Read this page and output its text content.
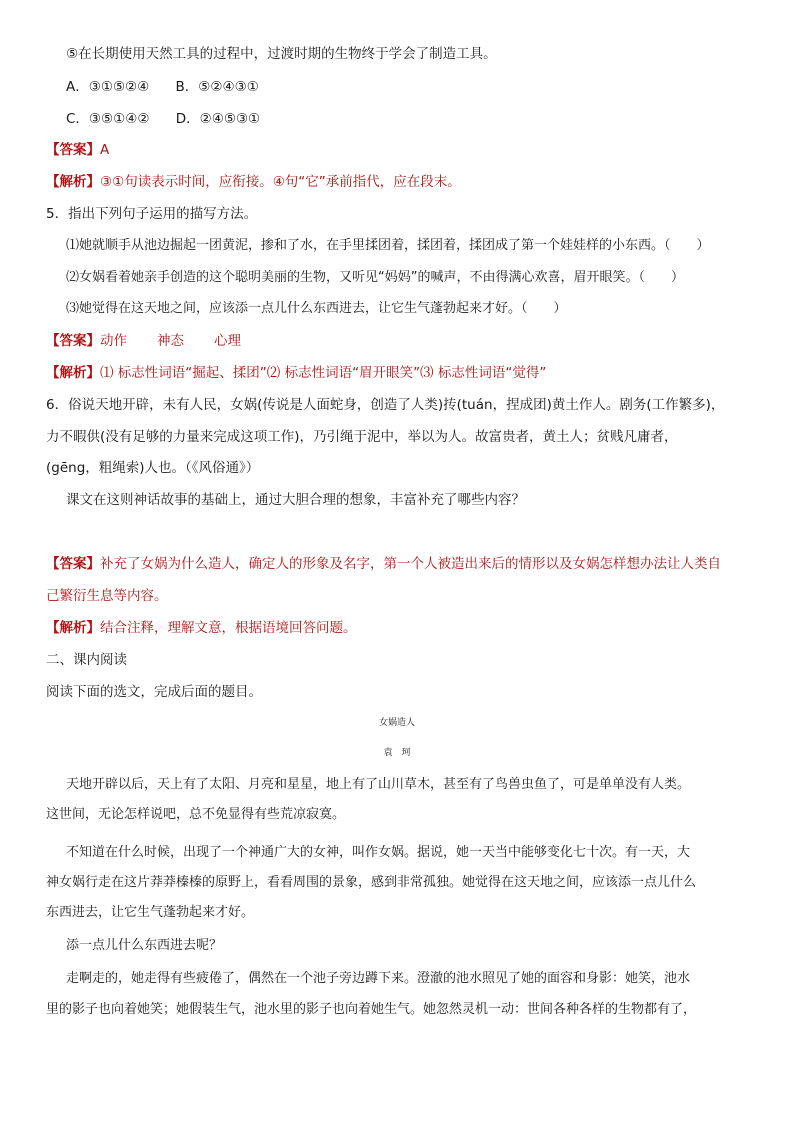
⑤在长期使用天然工具的过程中，过渡时期的生物终于学会了制造工具。
A．③①⑤②④ B．⑤②④③①
C．③⑤①④② D．②④⑤③①
【答案】A
【解析】③①句读表示时间，应衔接。④句“它”承前指代，应在段末。
5．指出下列句子运用的描写方法。
⑴她就顺手从池边掘起一团黄泥，掺和了水，在手里揉团着，揉团着，揉团成了第一个娃娃样的小东西。（　　）
⑵女娲看着她亲手创造的这个聪明美丽的生物，又听见“妈妈”的喊声，不由得满心欢喜，眉开眼笑。（　　）
⑶她觉得在这天地之间，应该添一点儿什么东西进去，让它生气蓬勃起来才好。（　　）
【答案】动作 神态 心理
【解析】⑴ 标志性词语“掘起、揉团”⑵ 标志性词语“眉开眼笑”⑶ 标志性词语“觉得”
6．俗说天地开辟，未有人民，女娲(传说是人面蛇身，创造了人类)抟(tuán，捏成团)黄土作人。剧务(工作繁多)，
力不暇供(没有足够的力量来完成这项工作)，乃引绳于泥中，举以为人。故富贵者，黄土人；贫贱凡庸者，
(gēng，粗绳索)人也。（《风俗通》）
课文在这则神话故事的基础上，通过大胆合理的想象，丰富补充了哪些内容？
【答案】补充了女娲为什么造人，确定人的形象及名字，第一个人被造出来后的情形以及女娲怎样想办法让人类自
己繁衍生息等内容。
【解析】结合注释，理解文意，根据语境回答问题。
二、课内阅读
阅读下面的选文，完成后面的题目。
女娲造人
袁　珂
天地开辟以后，天上有了太阳、月亮和星星，地上有了山川草木，甚至有了鸟兽虫鱼了，可是单单没有人类。
这世间，无论怎样说吧，总不免显得有些荒凉寂寞。
不知道在什么时候，出现了一个神通广大的女神，叫作女娲。据说，她一天当中能够变化七十次。有一天，大
神女娲行走在这片莽莽榛榛的原野上，看看周围的景象，感到非常孤独。她觉得在这天地之间，应该添一点儿什么
东西进去，让它生气蓬勃起来才好。
添一点儿什么东西进去呢？
走啊走的，她走得有些疲倦了，偶然在一个池子旁边蹲下来。澄澈的池水照见了她的面容和身影：她笑，池水
里的影子也向着她笑；她假装生气，池水里的影子也向着她生气。她忽然灵机一动：世间各种各样的生物都有了，
